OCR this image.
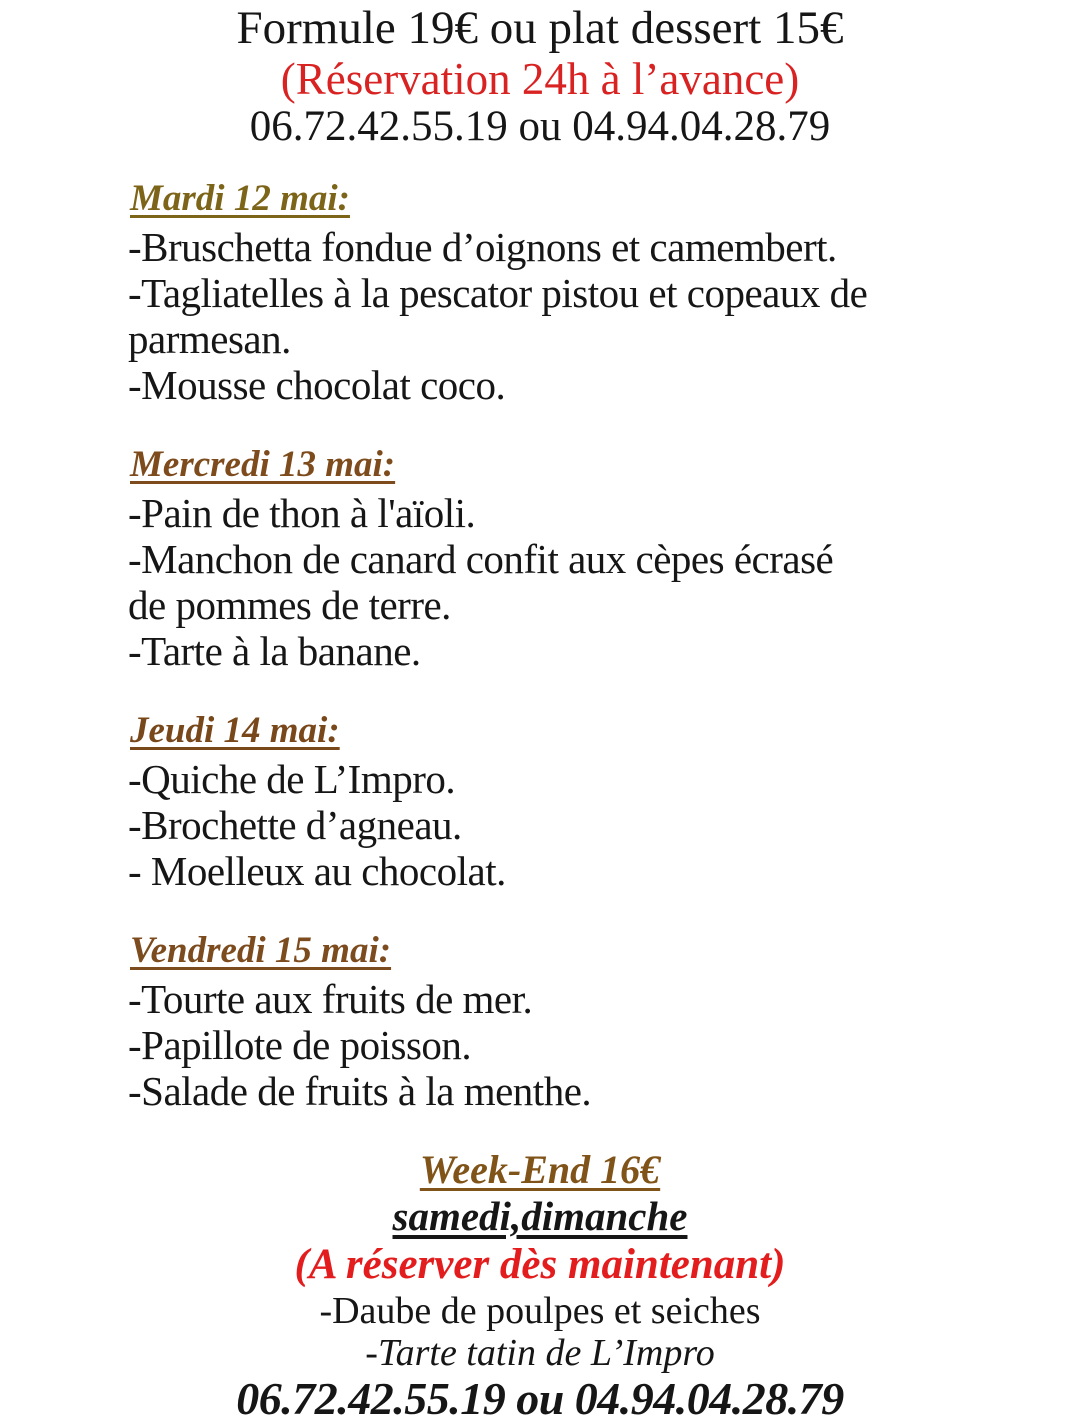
Formule 19€ ou plat dessert 15€
(Réservation 24h à l’avance)
06.72.42.55.19 ou 04.94.04.28.79
Mardi 12 mai:
-Bruschetta fondue d’oignons et camembert.
-Tagliatelles à la pescator pistou et copeaux de parmesan.
-Mousse chocolat coco.
Mercredi 13 mai:
-Pain de thon à l'aïoli.
-Manchon de canard confit aux cèpes écrasé de pommes de terre.
-Tarte à la banane.
Jeudi 14 mai:
-Quiche de L’Impro.
-Brochette d’agneau.
- Moelleux au chocolat.
Vendredi 15 mai:
-Tourte aux fruits de mer.
-Papillote de poisson.
-Salade de fruits à la menthe.
Week-End 16€
samedi,dimanche
(A réserver dès maintenant)
-Daube de poulpes et seiches
-Tarte tatin de L’Impro
06.72.42.55.19 ou 04.94.04.28.79
